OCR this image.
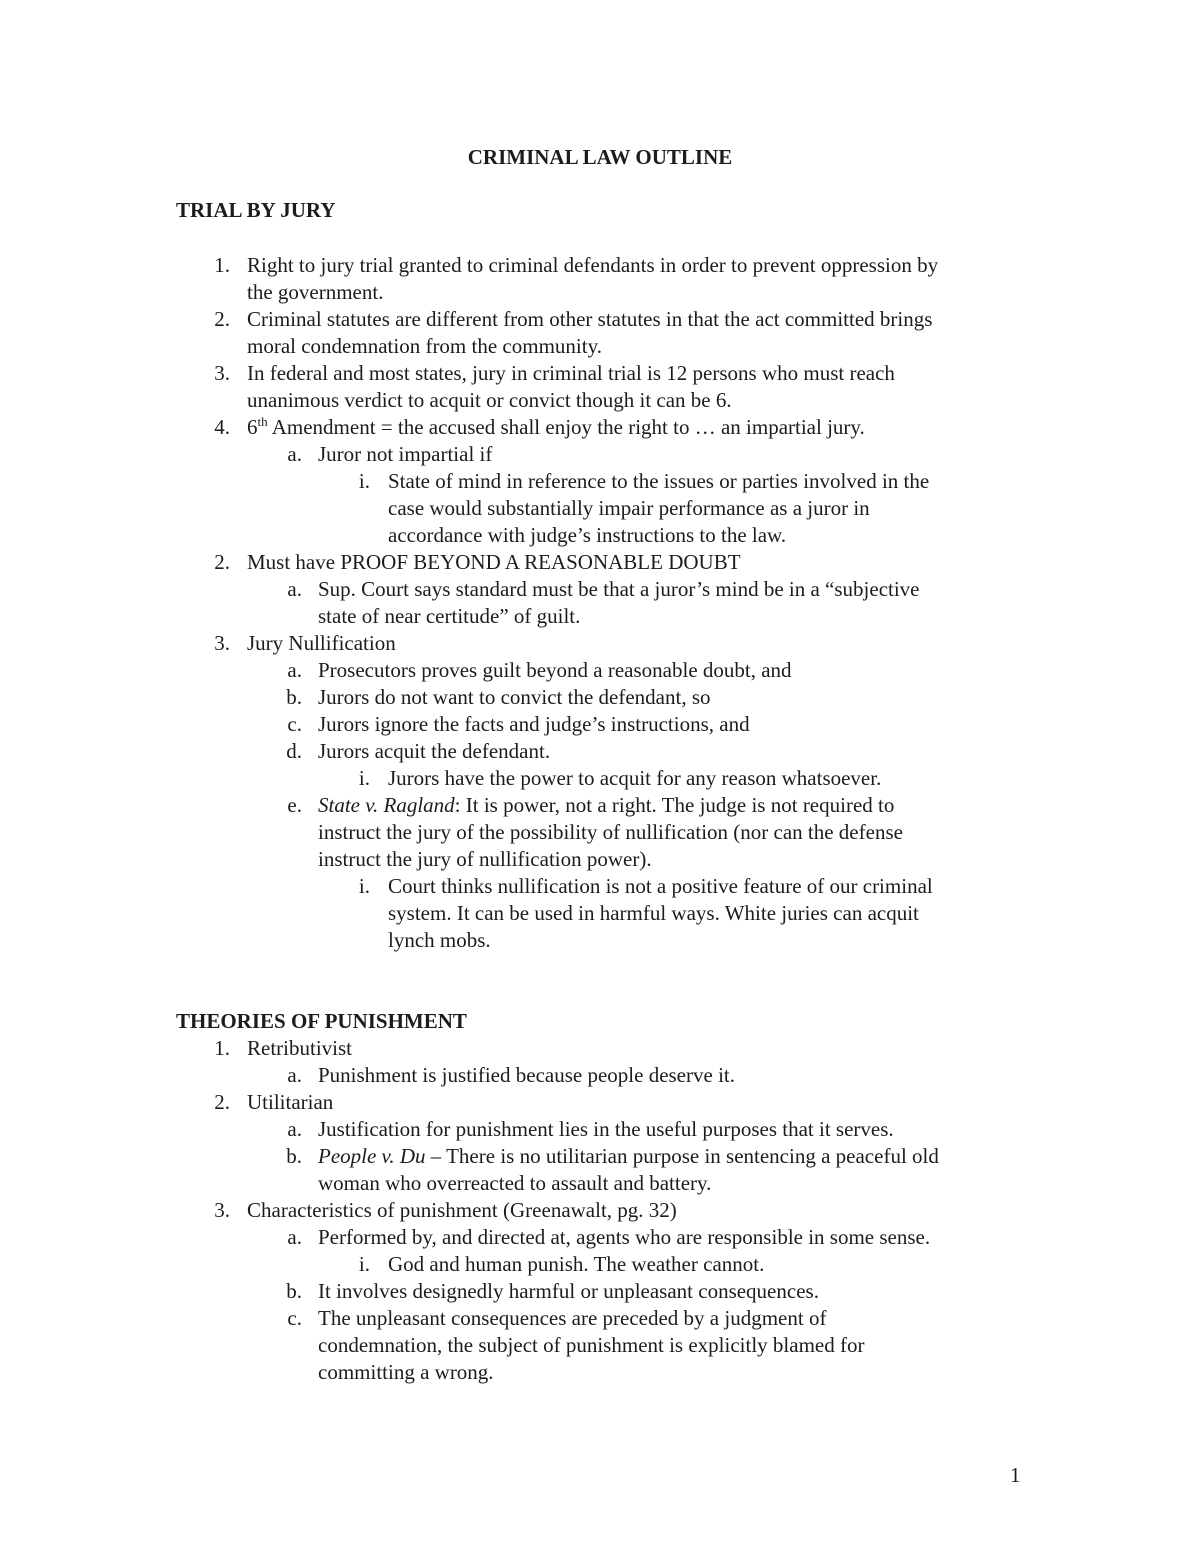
CRIMINAL LAW OUTLINE
TRIAL BY JURY
1. Right to jury trial granted to criminal defendants in order to prevent oppression by
the government.
2. Criminal statutes are different from other statutes in that the act committed brings
moral condemnation from the community.
3. In federal and most states, jury in criminal trial is 12 persons who must reach
unanimous verdict to acquit or convict though it can be 6.
4. 6th Amendment = the accused shall enjoy the right to … an impartial jury.
a. Juror not impartial if
i. State of mind in reference to the issues or parties involved in the
case would substantially impair performance as a juror in
accordance with judge’s instructions to the law.
2. Must have PROOF BEYOND A REASONABLE DOUBT
a. Sup. Court says standard must be that a juror’s mind be in a “subjective
state of near certitude” of guilt.
3. Jury Nullification
a. Prosecutors proves guilt beyond a reasonable doubt, and
b. Jurors do not want to convict the defendant, so
c. Jurors ignore the facts and judge’s instructions, and
d. Jurors acquit the defendant.
i. Jurors have the power to acquit for any reason whatsoever.
e. State v. Ragland: It is power, not a right. The judge is not required to
instruct the jury of the possibility of nullification (nor can the defense
instruct the jury of nullification power).
i. Court thinks nullification is not a positive feature of our criminal
system. It can be used in harmful ways. White juries can acquit
lynch mobs.
THEORIES OF PUNISHMENT
1. Retributivist
a. Punishment is justified because people deserve it.
2. Utilitarian
a. Justification for punishment lies in the useful purposes that it serves.
b. People v. Du – There is no utilitarian purpose in sentencing a peaceful old
woman who overreacted to assault and battery.
3. Characteristics of punishment (Greenawalt, pg. 32)
a. Performed by, and directed at, agents who are responsible in some sense.
i. God and human punish. The weather cannot.
b. It involves designedly harmful or unpleasant consequences.
c. The unpleasant consequences are preceded by a judgment of
condemnation, the subject of punishment is explicitly blamed for
committing a wrong.
1
